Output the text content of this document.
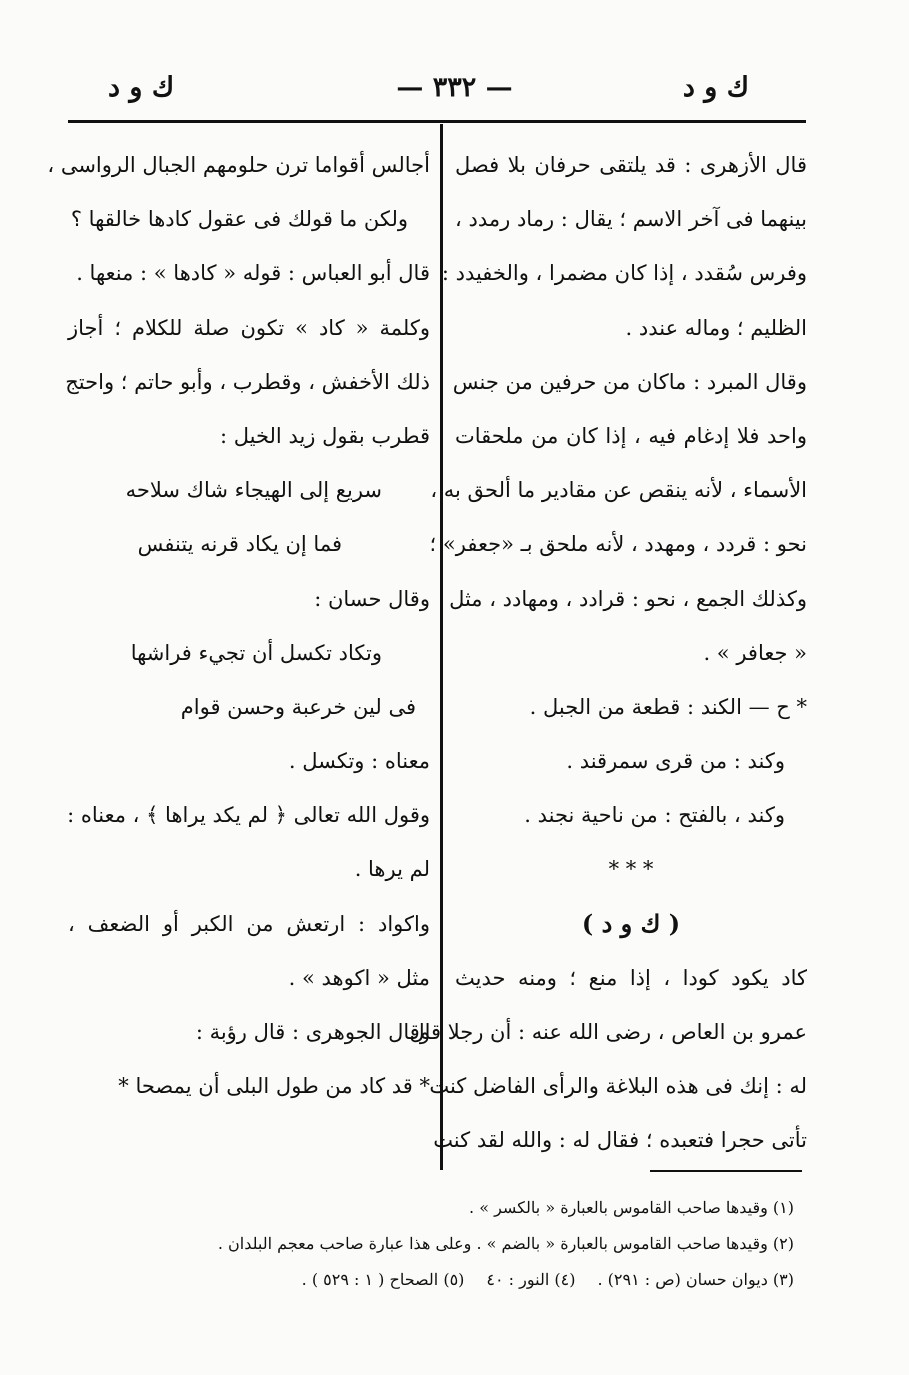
ك و د
— ٣٣٢ —
ك و د
قال الأزهرى : قد يلتقى حرفان بلا فصل
بينهما فى آخر الاسم ؛ يقال : رماد رمدد ،
وفرس سُقدد ، إذا كان مضمرا ، والخفيدد :
الظليم ؛ وماله عندد .
وقال المبرد : ماكان من حرفين من جنس
واحد فلا إدغام فيه ، إذا كان من ملحقات
الأسماء ، لأنه ينقص عن مقادير ما ألحق به ،
نحو : قردد ، ومهدد ، لأنه ملحق بـ «جعفر» ؛
وكذلك الجمع ، نحو : قرادد ، ومهادد ، مثل
« جعافر » .
* ح — الكند : قطعة من الجبل .
وكند : من قرى سمرقند .
وكند ، بالفتح : من ناحية نجند .
* * *
( ك و د )
كاد يكود كودا ، إذا منع ؛ ومنه حديث
عمرو بن العاص ، رضى الله عنه : أن رجلا قال
له : إنك فى هذه البلاغة والرأى الفاضل كنت
تأتى حجرا فتعبده ؛ فقال له : والله لقد كنت
أجالس أقواما ترن حلومهم الجبال الرواسى ،
ولكن ما قولك فى عقول كادها خالقها ؟
قال أبو العباس : قوله « كادها » : منعها .
وكلمة « كاد » تكون صلة للكلام ؛ أجاز
ذلك الأخفش ، وقطرب ، وأبو حاتم ؛ واحتج
قطرب بقول زيد الخيل :
سريع إلى الهيجاء شاك سلاحه
فما إن يكاد قرنه يتنفس
وقال حسان :
وتكاد تكسل أن تجيء فراشها
فى لين خرعبة وحسن قوام
معناه : وتكسل .
وقول الله تعالى ﴿ لم يكد يراها ﴾ ، معناه :
لم يرها .
واكواد : ارتعش من الكبر أو الضعف ،
مثل « اكوهد » .
وقال الجوهرى : قال رؤبة :
* قد كاد من طول البلى أن يمصحا *
(١) وقيدها صاحب القاموس بالعبارة « بالكسر » .
(٢) وقيدها صاحب القاموس بالعبارة « بالضم » . وعلى هذا عبارة صاحب معجم البلدان .
(٣) ديوان حسان (ص : ٢٩١) .
(٤) النور : ٤٠
(٥) الصحاح ( ١ : ٥٢٩ ) .
